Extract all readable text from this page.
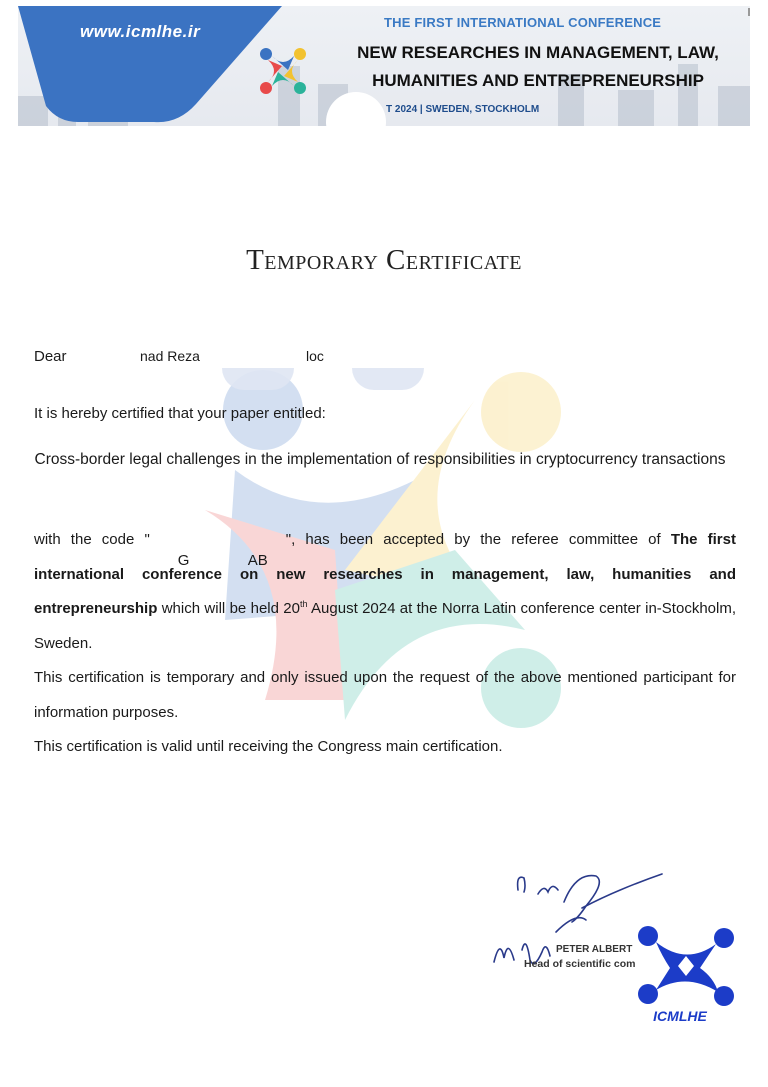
www.icmlhe.ir	THE FIRST INTERNATIONAL CONFERENCE
NEW RESEARCHES IN MANAGEMENT, LAW,
HUMANITIES AND ENTREPRENEURSHIP
T 2024 | SWEDEN, STOCKHOLM
Temporary Certificate
Dear	nad Reza	loc
It is hereby certified that your paper entitled:
Cross-border legal challenges in the implementation of responsibilities in cryptocurrency transactions
with the code "
G	AB
", has been accepted by the referee committee of The first international conference on new researches in management, law, humanities and entrepreneurship which will be held 20th August 2024 at the Norra Latin conference center in-Stockholm, Sweden.
This certification is temporary and only issued upon the request of the above mentioned participant for information purposes.
This certification is valid until receiving the Congress main certification.
PETER ALBERT
Head of scientific com
ICMLHE
